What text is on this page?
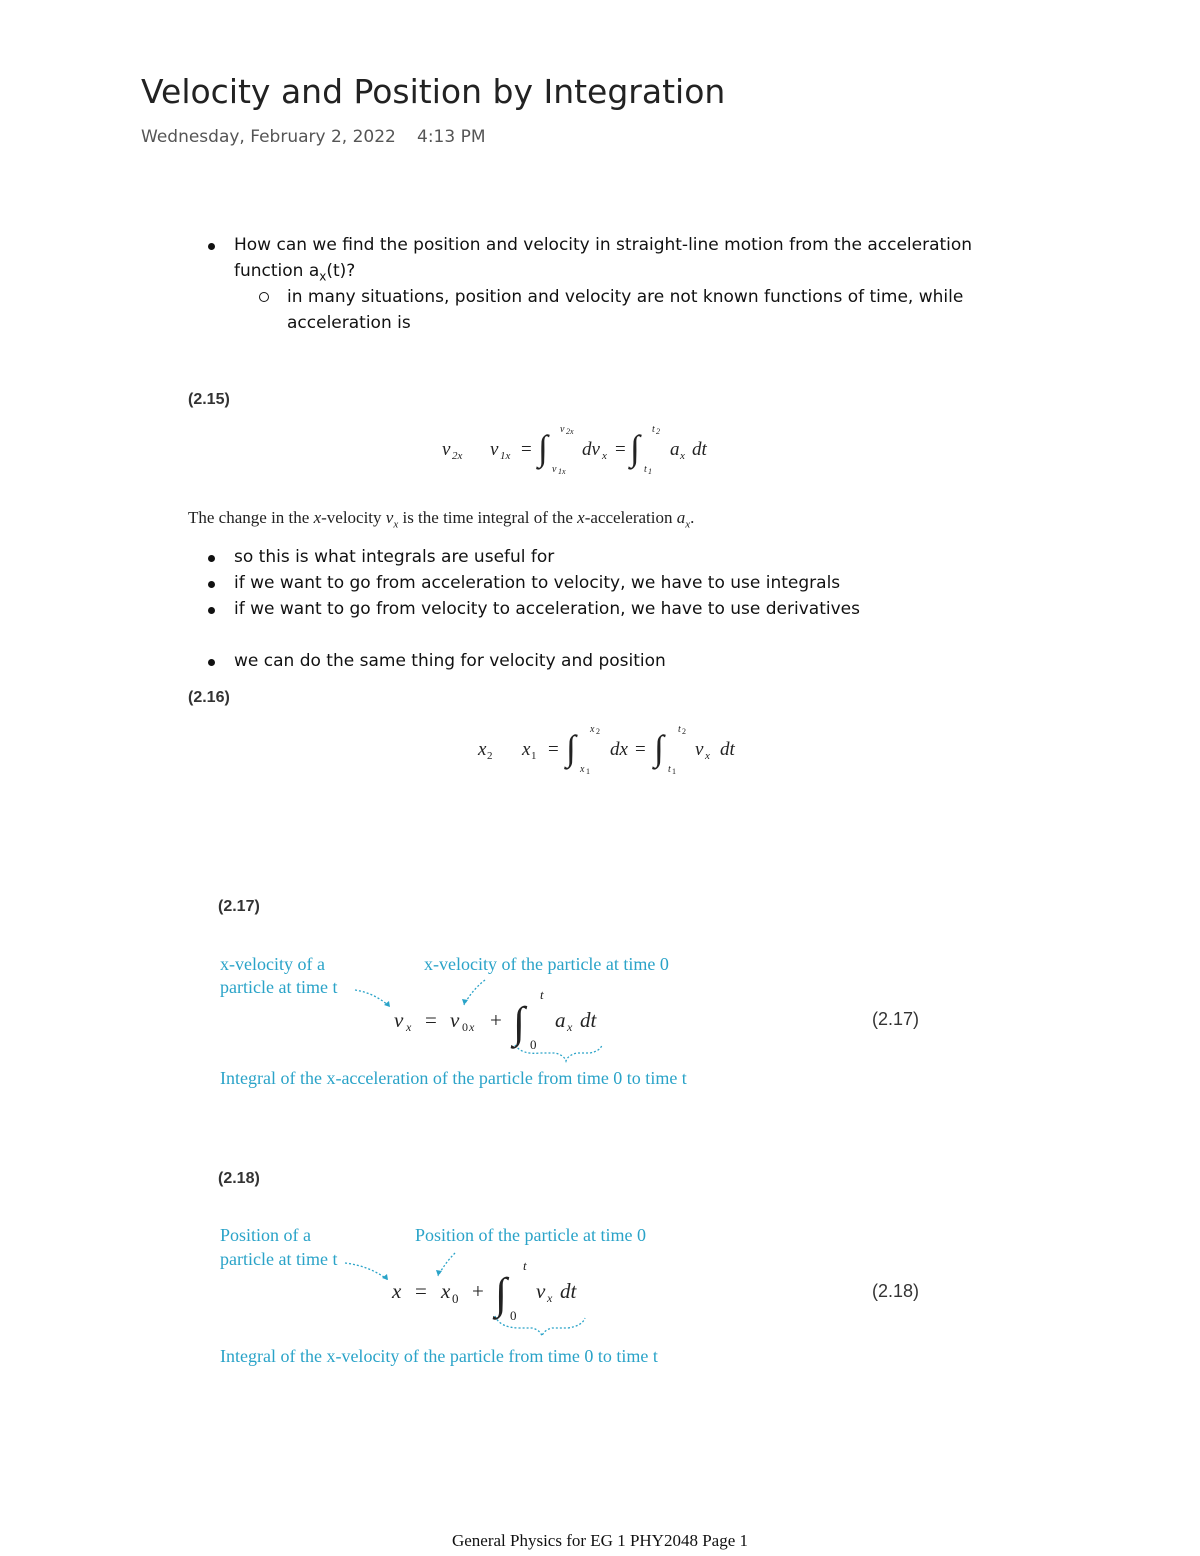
Velocity and Position by Integration
Wednesday, February 2, 2022 4:13 PM
How can we find the position and velocity in straight-line motion from the acceleration
function $a_x(t)$?
in many situations, position and velocity are not known functions of time, while
acceleration is
(2.15)
v 2x v 1x = ∫ v 2x
v 1x
dv x = ∫ t 2
t 1
a x dt
The change in the x-velocity $v_x$ is the time integral of the x-acceleration $a_x$.
so this is what integrals are useful for
if we want to go from acceleration to velocity, we have to use integrals
if we want to go from velocity to acceleration, we have to use derivatives
we can do the same thing for velocity and position
(2.16)
x 2 x 1 = ∫ x 2
x 1
dx = ∫ t 2
t 1
v x dt
(2.17)
x-velocity of a
particle at time t
x-velocity of the particle at time 0
v x = v 0 x + ∫
t
0
a x dt	(2.17)
Integral of the x-acceleration of the particle from time 0 to time t
(2.18)
Position of a
particle at time t
Position of the particle at time 0
x = x 0 + ∫
t
0
v x dt	(2.18)
Integral of the x-velocity of the particle from time 0 to time t
General Physics for EG 1 PHY2048 Page 1
